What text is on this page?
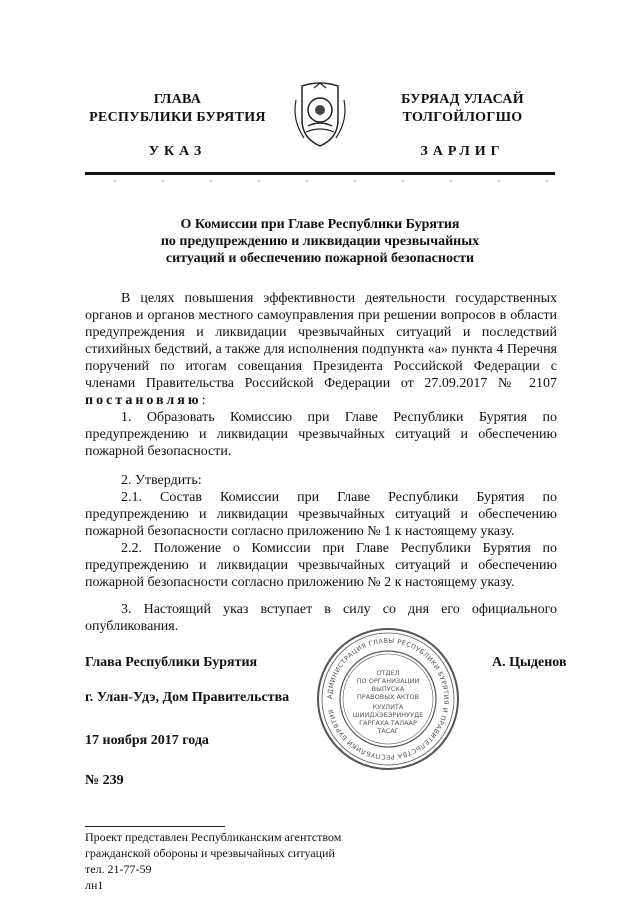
ГЛАВА
РЕСПУБЛИКИ БУРЯТИЯ
БУРЯАД УЛАСАЙ
ТОЛГОЙЛОГШО
УКАЗ	ЗАРЛИГ
О Комиссии при Главе Республики Бурятия
по предупреждению и ликвидации чрезвычайных
ситуаций и обеспечению пожарной безопасности

В целях повышения эффективности деятельности государственных органов и органов местного самоуправления при решении вопросов в области предупреждения и ликвидации чрезвычайных ситуаций и последствий стихийных бедствий, а также для исполнения подпункта «а» пункта 4 Перечня поручений по итогам совещания Президента Российской Федерации с членами Правительства Российской Федерации от 27.09.2017 № 2107 постановляю:

1. Образовать Комиссию при Главе Республики Бурятия по предупреждению и ликвидации чрезвычайных ситуаций и обеспечению пожарной безопасности.

2. Утвердить:

2.1. Состав Комиссии при Главе Республики Бурятия по предупреждению и ликвидации чрезвычайных ситуаций и обеспечению пожарной безопасности согласно приложению № 1 к настоящему указу.

2.2. Положение о Комиссии при Главе Республики Бурятия по предупреждению и ликвидации чрезвычайных ситуаций и обеспечению пожарной безопасности согласно приложению № 2 к настоящему указу.

3. Настоящий указ вступает в силу со дня его официального опубликования.

Глава Республики Бурятия	А. Цыденов
г. Улан-Удэ, Дом Правительства
17 ноября 2017 года
№ 239
АДМИНИСТРАЦИЯ ГЛАВЫ РЕСПУБЛИКИ БУРЯТИЯ И ПРАВИТЕЛЬСТВА РЕСПУБЛИКИ БУРЯТИЯ
ОТДЕЛ
ПО ОРГАНИЗАЦИИ
ВЫПУСКА
ПРАВОВЫХ АКТОВ
КУУЛИТА
ШИИДХЭБЭРИНУУДЕ
ГАРГАХА ТАЛААР
ТАСАГ
Проект представлен Республиканским агентством
гражданской обороны и чрезвычайных ситуаций
тел. 21-77-59
лн1
